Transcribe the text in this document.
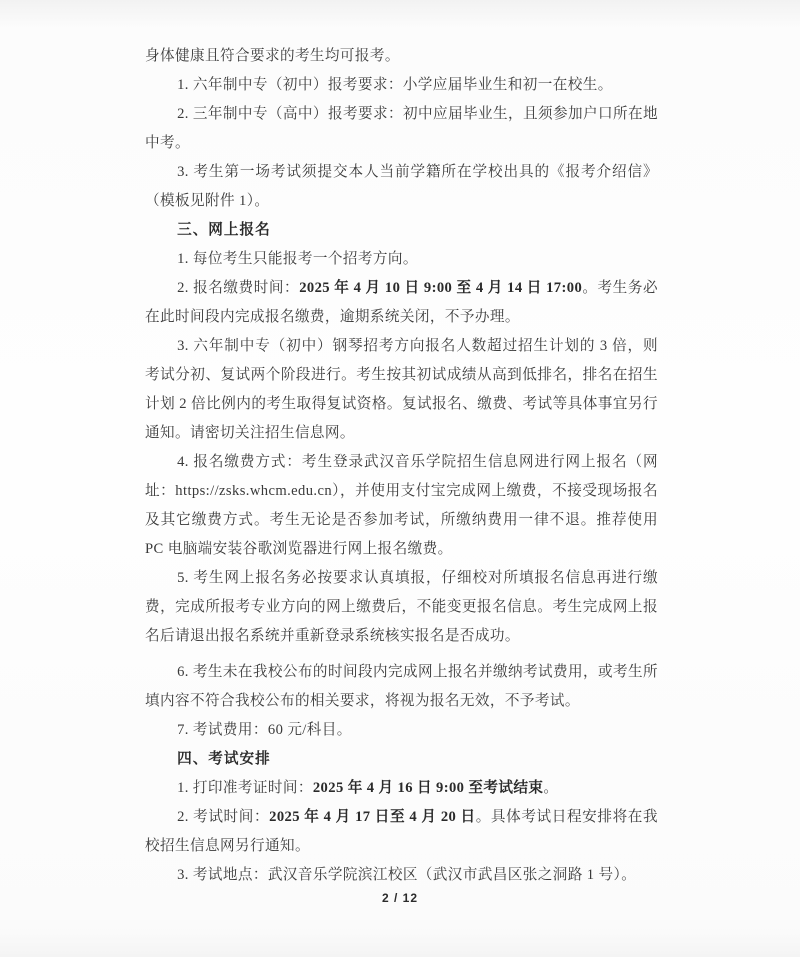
身体健康且符合要求的考生均可报考。

1. 六年制中专（初中）报考要求：小学应届毕业生和初一在校生。

2. 三年制中专（高中）报考要求：初中应届毕业生，且须参加户口所在地中考。

3. 考生第一场考试须提交本人当前学籍所在学校出具的《报考介绍信》（模板见附件 1）。

三、网上报名

1. 每位考生只能报考一个招考方向。

2. 报名缴费时间：2025 年 4 月 10 日 9:00 至 4 月 14 日 17:00。考生务必在此时间段内完成报名缴费，逾期系统关闭，不予办理。

3. 六年制中专（初中）钢琴招考方向报名人数超过招生计划的 3 倍，则考试分初、复试两个阶段进行。考生按其初试成绩从高到低排名，排名在招生计划 2 倍比例内的考生取得复试资格。复试报名、缴费、考试等具体事宜另行通知。请密切关注招生信息网。

4. 报名缴费方式：考生登录武汉音乐学院招生信息网进行网上报名（网址：https://zsks.whcm.edu.cn），并使用支付宝完成网上缴费，不接受现场报名及其它缴费方式。考生无论是否参加考试，所缴纳费用一律不退。推荐使用 PC 电脑端安装谷歌浏览器进行网上报名缴费。

5. 考生网上报名务必按要求认真填报，仔细校对所填报名信息再进行缴费，完成所报考专业方向的网上缴费后，不能变更报名信息。考生完成网上报名后请退出报名系统并重新登录系统核实报名是否成功。

6. 考生未在我校公布的时间段内完成网上报名并缴纳考试费用，或考生所填内容不符合我校公布的相关要求，将视为报名无效，不予考试。

7. 考试费用：60 元/科目。

四、考试安排

1. 打印准考证时间：2025 年 4 月 16 日 9:00 至考试结束。

2. 考试时间：2025 年 4 月 17 日至 4 月 20 日。具体考试日程安排将在我校招生信息网另行通知。

3. 考试地点：武汉音乐学院滨江校区（武汉市武昌区张之洞路 1 号）。

2 / 12
